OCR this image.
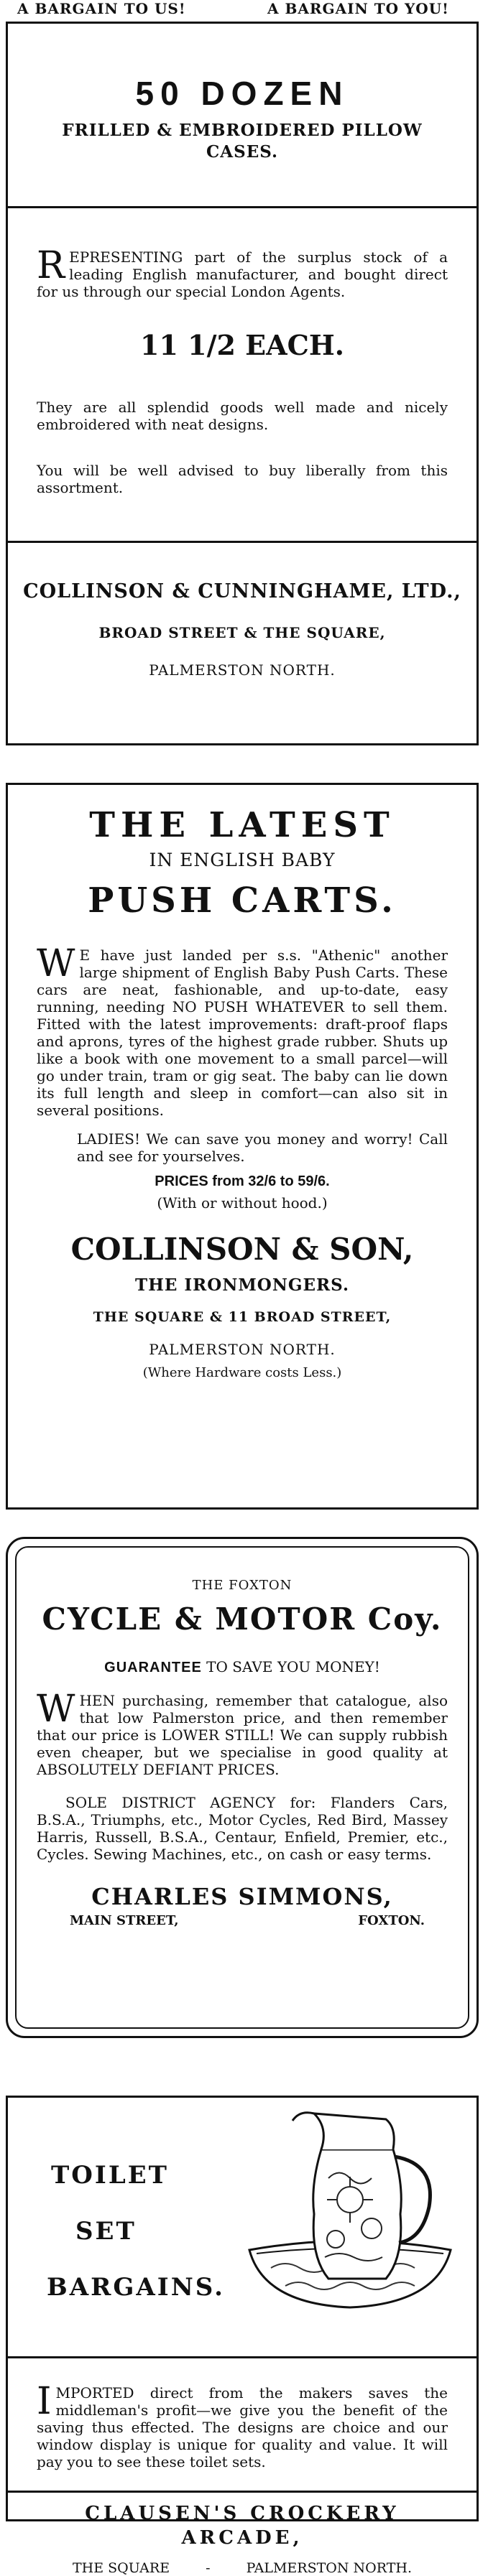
A BARGAIN TO US!	A BARGAIN TO YOU!
50 DOZEN
FRILLED & EMBROIDERED PILLOW CASES.
R EPRESENTING part of the surplus stock of a leading English manufacturer, and bought direct for us through our special London Agents.
11 1/2 EACH.
They are all splendid goods well made and nicely embroidered with neat designs.
You will be well advised to buy liberally from this assortment.
COLLINSON & CUNNINGHAME, LTD.,
BROAD STREET & THE SQUARE,
PALMERSTON NORTH.
THE LATEST
IN ENGLISH BABY
PUSH CARTS.
W E have just landed per s.s. "Athenic" another large shipment of English Baby Push Carts. These cars are neat, fashionable, and up-to-date, easy running, needing NO PUSH WHATEVER to sell them. Fitted with the latest improvements: draft-proof flaps and aprons, tyres of the highest grade rubber. Shuts up like a book with one movement to a small parcel—will go under train, tram or gig seat. The baby can lie down its full length and sleep in comfort—can also sit in several positions.
LADIES! We can save you money and worry! Call and see for yourselves.
PRICES from 32/6 to 59/6.
(With or without hood.)
COLLINSON & SON,
THE IRONMONGERS.
THE SQUARE & 11 BROAD STREET,
PALMERSTON NORTH.
(Where Hardware costs Less.)
THE FOXTON
CYCLE & MOTOR Coy.
GUARANTEE TO SAVE YOU MONEY!
W HEN purchasing, remember that catalogue, also that low Palmerston price, and then remember that our price is LOWER STILL! We can supply rubbish even cheaper, but we specialise in good quality at ABSOLUTELY DEFIANT PRICES.
SOLE DISTRICT AGENCY for: Flanders Cars, B.S.A., Triumphs, etc., Motor Cycles, Red Bird, Massey Harris, Russell, B.S.A., Centaur, Enfield, Premier, etc., Cycles. Sewing Machines, etc., on cash or easy terms.
CHARLES SIMMONS,
MAIN STREET,	FOXTON.
TOILET
SET
BARGAINS.
I MPORTED direct from the makers saves the middleman's profit—we give you the benefit of the saving thus effected. The designs are choice and our window display is unique for quality and value. It will pay you to see these toilet sets.
CLAUSEN'S CROCKERY
ARCADE,
THE SQUARE	-	PALMERSTON NORTH.
